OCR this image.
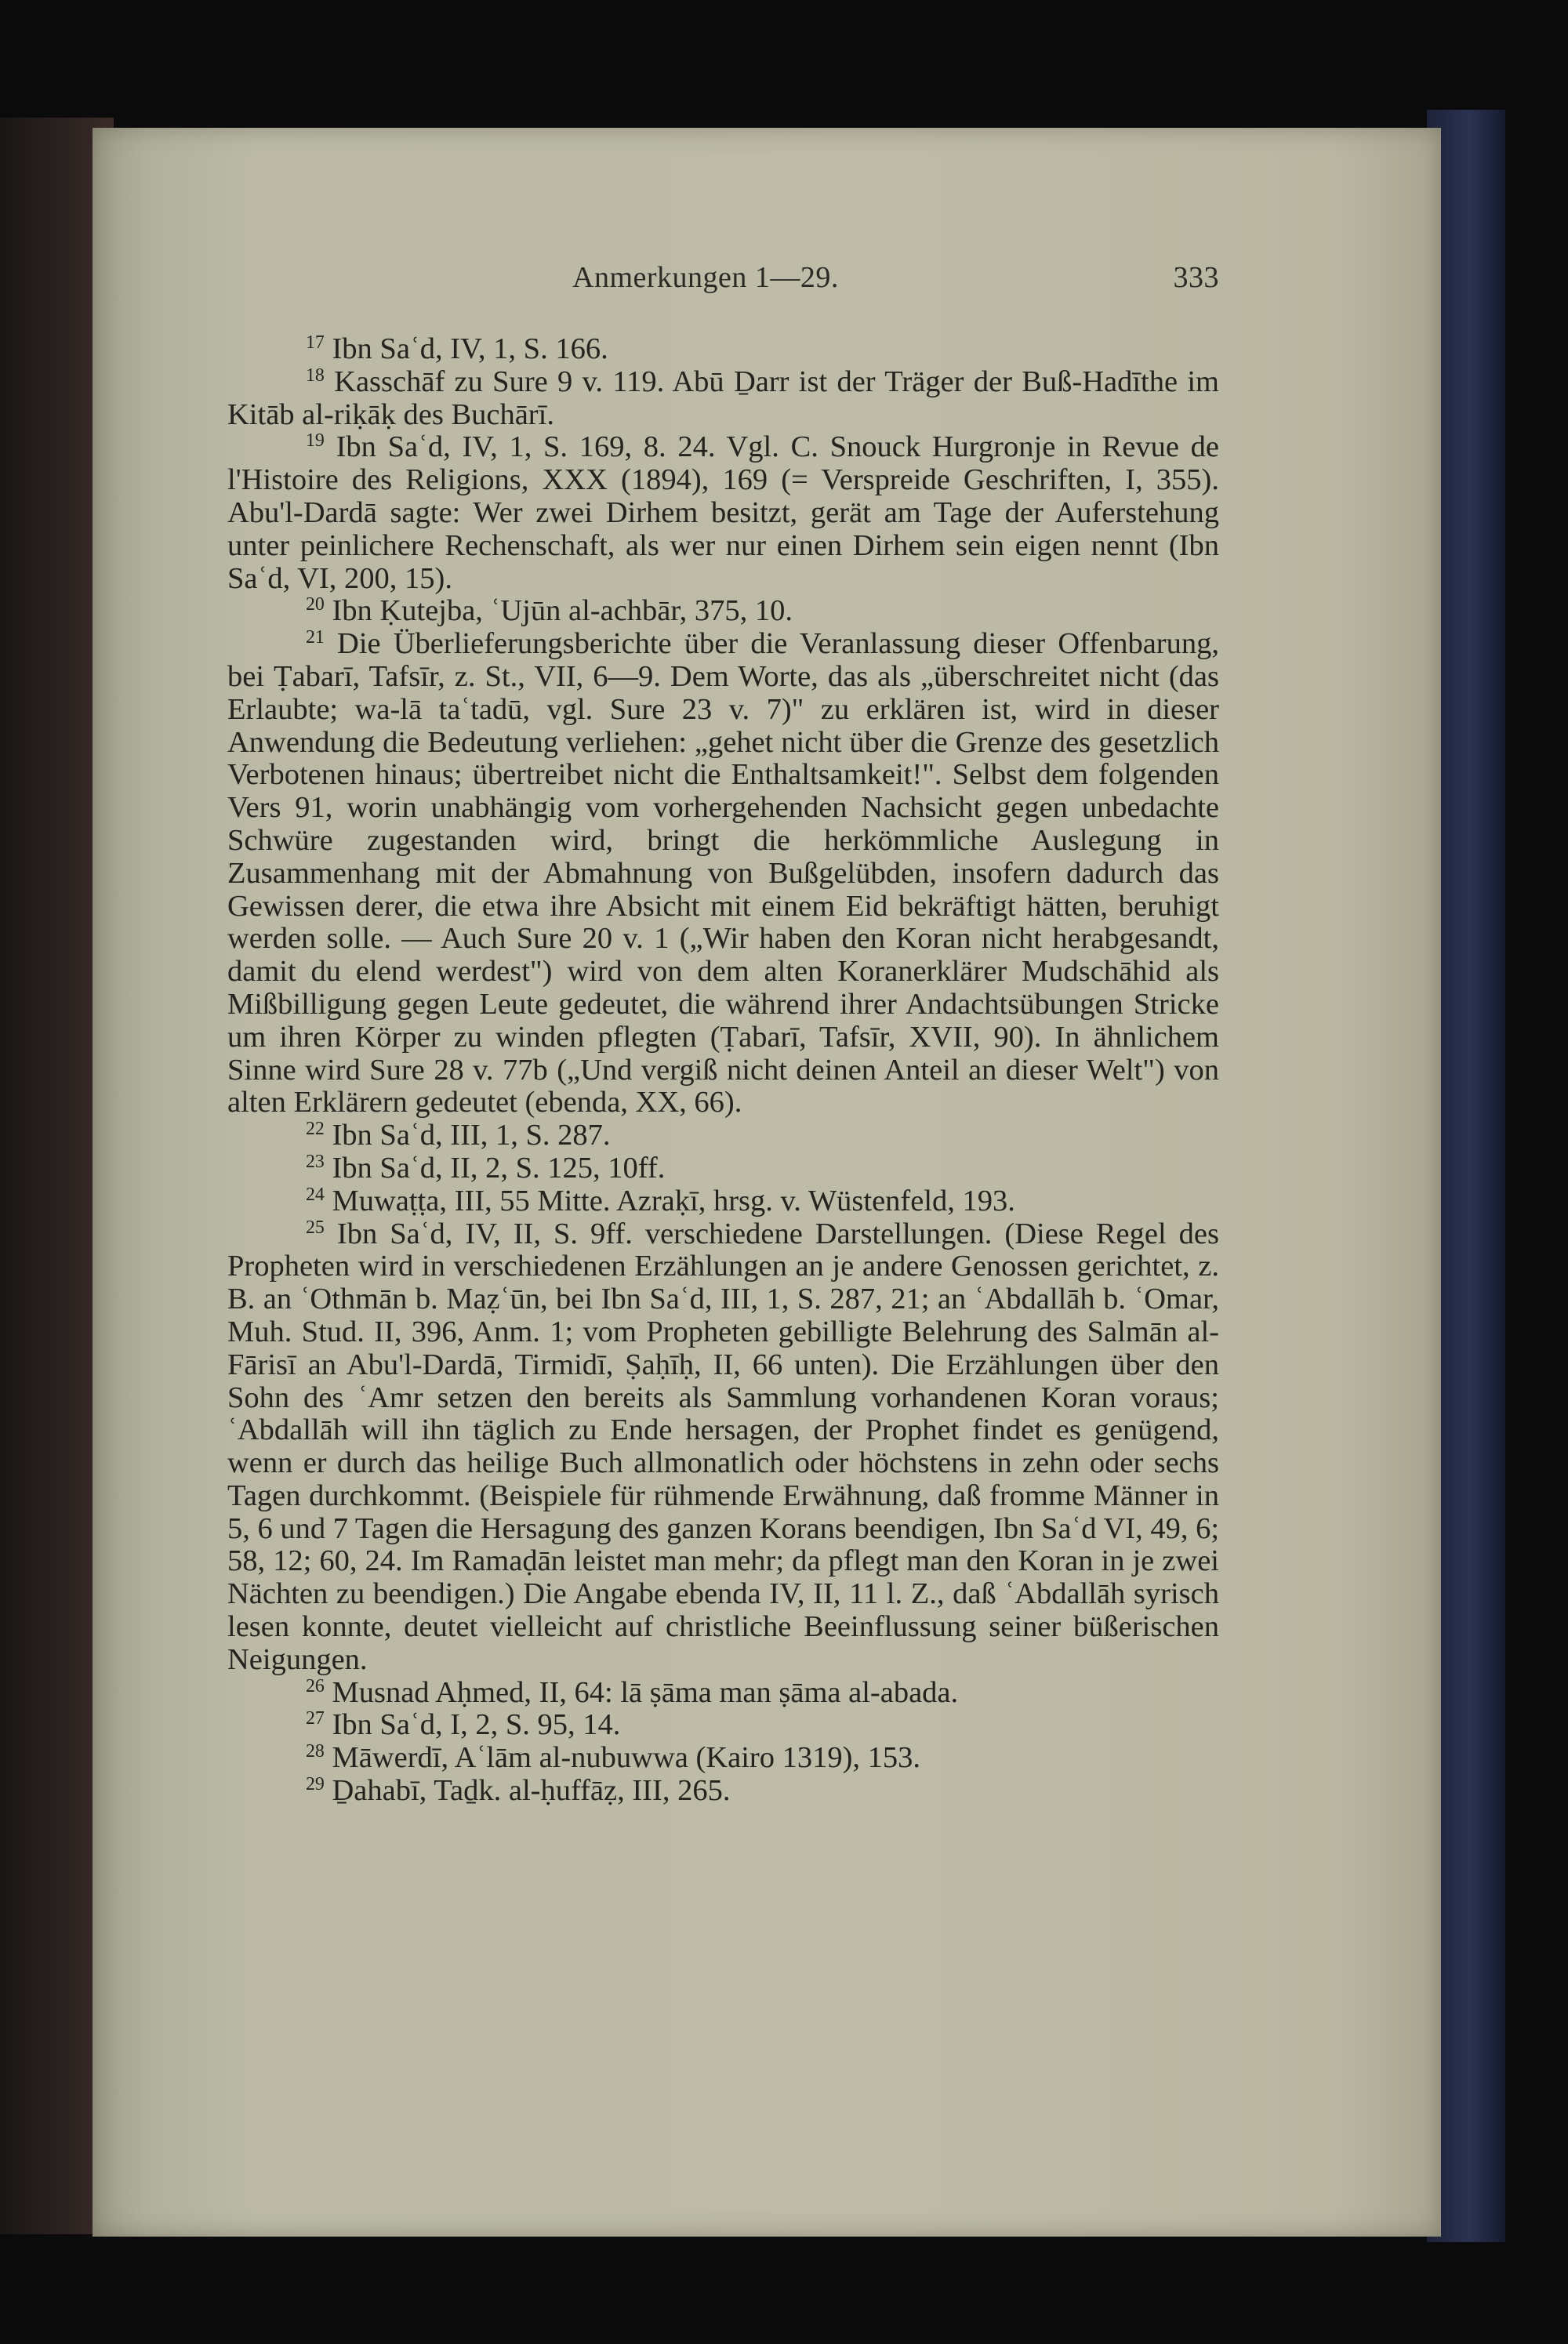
Anmerkungen 1—29.	333

$^{17}$ Ibn Saʿd, IV, 1, S. 166.

$^{18}$ Kasschāf zu Sure 9 v. 119. Abū Ḏarr ist der Träger der Buß-Hadīthe im Kitāb al-riḳāḳ des Buchārī.

$^{19}$ Ibn Saʿd, IV, 1, S. 169, 8. 24. Vgl. C. Snouck Hurgronje in Revue de l'Histoire des Religions, XXX (1894), 169 (= Verspreide Geschriften, I, 355). Abu'l-Dardā sagte: Wer zwei Dirhem besitzt, gerät am Tage der Auferstehung unter peinlichere Rechenschaft, als wer nur einen Dirhem sein eigen nennt (Ibn Saʿd, VI, 200, 15).

$^{20}$ Ibn Ḳutejba, ʿUjūn al-achbār, 375, 10.

$^{21}$ Die Überlieferungsberichte über die Veranlassung dieser Offenbarung, bei Ṭabarī, Tafsīr, z. St., VII, 6—9. Dem Worte, das als „überschreitet nicht (das Erlaubte; wa-lā taʿtadū, vgl. Sure 23 v. 7)" zu erklären ist, wird in dieser Anwendung die Bedeutung verliehen: „gehet nicht über die Grenze des gesetzlich Verbotenen hinaus; übertreibet nicht die Enthaltsamkeit!". Selbst dem folgenden Vers 91, worin unabhängig vom vorhergehenden Nachsicht gegen unbedachte Schwüre zugestanden wird, bringt die herkömmliche Auslegung in Zusammenhang mit der Abmahnung von Bußgelübden, insofern dadurch das Gewissen derer, die etwa ihre Absicht mit einem Eid bekräftigt hätten, beruhigt werden solle. — Auch Sure 20 v. 1 („Wir haben den Koran nicht herabgesandt, damit du elend werdest") wird von dem alten Koranerklärer Mudschāhid als Mißbilligung gegen Leute gedeutet, die während ihrer Andachtsübungen Stricke um ihren Körper zu winden pflegten (Ṭabarī, Tafsīr, XVII, 90). In ähnlichem Sinne wird Sure 28 v. 77b („Und vergiß nicht deinen Anteil an dieser Welt") von alten Erklärern gedeutet (ebenda, XX, 66).

$^{22}$ Ibn Saʿd, III, 1, S. 287.

$^{23}$ Ibn Saʿd, II, 2, S. 125, 10ff.

$^{24}$ Muwaṭṭa, III, 55 Mitte. Azraḳī, hrsg. v. Wüstenfeld, 193.

$^{25}$ Ibn Saʿd, IV, II, S. 9ff. verschiedene Darstellungen. (Diese Regel des Propheten wird in verschiedenen Erzählungen an je andere Genossen gerichtet, z. B. an ʿOthmān b. Maẓʿūn, bei Ibn Saʿd, III, 1, S. 287, 21; an ʿAbdallāh b. ʿOmar, Muh. Stud. II, 396, Anm. 1; vom Propheten gebilligte Belehrung des Salmān al-Fārisī an Abu'l-Dardā, Tirmidī, Ṣaḥīḥ, II, 66 unten). Die Erzählungen über den Sohn des ʿAmr setzen den bereits als Sammlung vorhandenen Koran voraus; ʿAbdallāh will ihn täglich zu Ende hersagen, der Prophet findet es genügend, wenn er durch das heilige Buch allmonatlich oder höchstens in zehn oder sechs Tagen durchkommt. (Beispiele für rühmende Erwähnung, daß fromme Männer in 5, 6 und 7 Tagen die Hersagung des ganzen Korans beendigen, Ibn Saʿd VI, 49, 6; 58, 12; 60, 24. Im Ramaḍān leistet man mehr; da pflegt man den Koran in je zwei Nächten zu beendigen.) Die Angabe ebenda IV, II, 11 l. Z., daß ʿAbdallāh syrisch lesen konnte, deutet vielleicht auf christliche Beeinflussung seiner büßerischen Neigungen.

$^{26}$ Musnad Aḥmed, II, 64: lā ṣāma man ṣāma al-abada.

$^{27}$ Ibn Saʿd, I, 2, S. 95, 14.

$^{28}$ Māwerdī, Aʿlām al-nubuwwa (Kairo 1319), 153.

$^{29}$ Ḏahabī, Taḏk. al-ḥuffāẓ, III, 265.
